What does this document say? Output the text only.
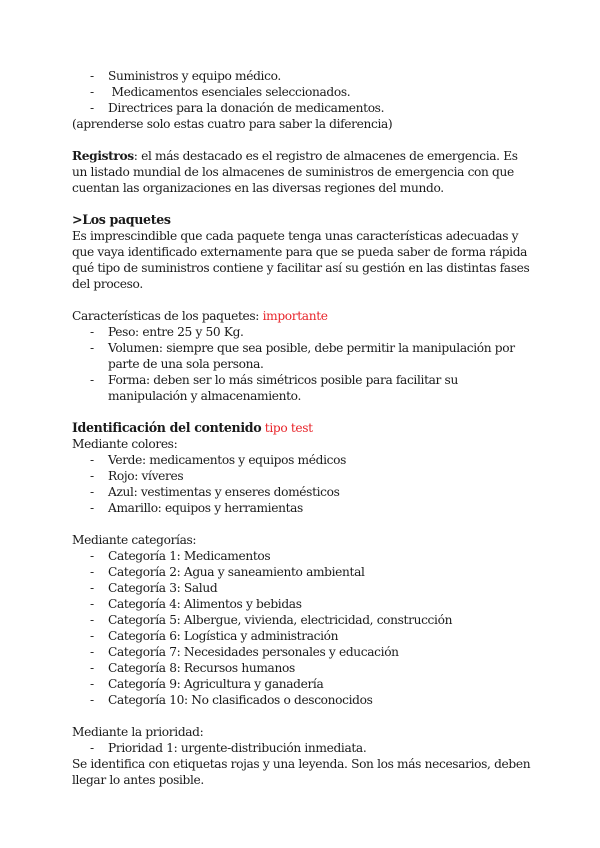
- Suministros y equipo médico.
- Medicamentos esenciales seleccionados.
- Directrices para la donación de medicamentos.

(aprenderse solo estas cuatro para saber la diferencia)

Registros: el más destacado es el registro de almacenes de emergencia. Es un listado mundial de los almacenes de suministros de emergencia con que cuentan las organizaciones en las diversas regiones del mundo.

>Los paquetes

Es imprescindible que cada paquete tenga unas características adecuadas y que vaya identificado externamente para que se pueda saber de forma rápida qué tipo de suministros contiene y facilitar así su gestión en las distintas fases del proceso.

Características de los paquetes: importante

- Peso: entre 25 y 50 Kg.
- Volumen: siempre que sea posible, debe permitir la manipulación por parte de una sola persona.
- Forma: deben ser lo más simétricos posible para facilitar su manipulación y almacenamiento.

Identificación del contenido tipo test

Mediante colores:

- Verde: medicamentos y equipos médicos
- Rojo: víveres
- Azul: vestimentas y enseres domésticos
- Amarillo: equipos y herramientas

Mediante categorías:

- Categoría 1: Medicamentos
- Categoría 2: Agua y saneamiento ambiental
- Categoría 3: Salud
- Categoría 4: Alimentos y bebidas
- Categoría 5: Albergue, vivienda, electricidad, construcción
- Categoría 6: Logística y administración
- Categoría 7: Necesidades personales y educación
- Categoría 8: Recursos humanos
- Categoría 9: Agricultura y ganadería
- Categoría 10: No clasificados o desconocidos

Mediante la prioridad:

- Prioridad 1: urgente-distribución inmediata.

Se identifica con etiquetas rojas y una leyenda. Son los más necesarios, deben llegar lo antes posible.
